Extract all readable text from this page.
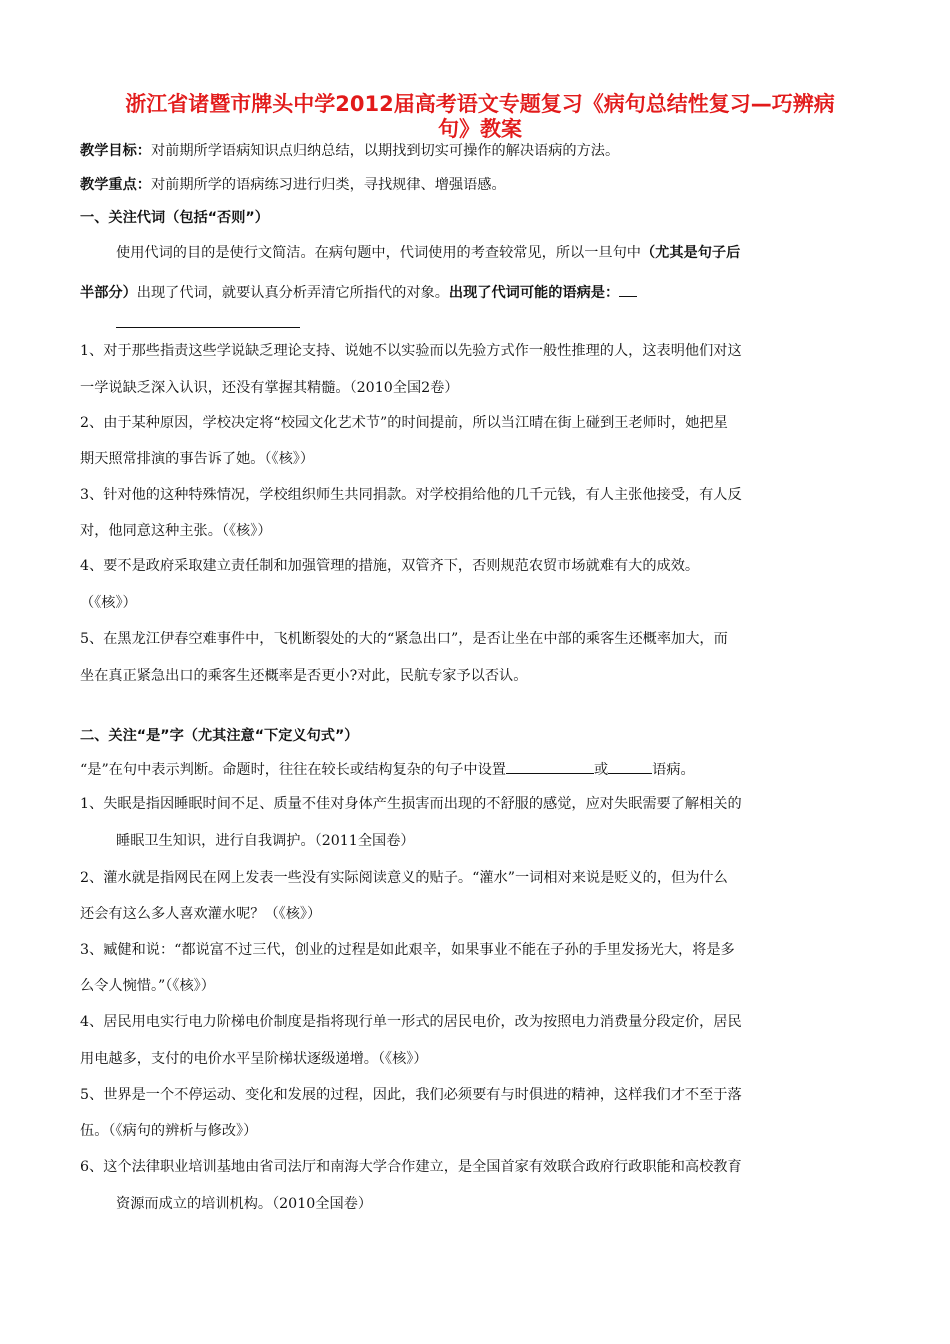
浙江省诸暨市牌头中学2012届高考语文专题复习《病句总结性复习—巧辨病
句》教案
教学目标：对前期所学语病知识点归纳总结，以期找到切实可操作的解决语病的方法。
教学重点：对前期所学的语病练习进行归类，寻找规律、增强语感。
一、关注代词（包括“否则”）
使用代词的目的是使行文简洁。在病句题中，代词使用的考查较常见，所以一旦句中（尤其是句子后
半部分）出现了代词，就要认真分析弄清它所指代的对象。出现了代词可能的语病是：
1、对于那些指责这些学说缺乏理论支持、说她不以实验而以先验方式作一般性推理的人，这表明他们对这
一学说缺乏深入认识，还没有掌握其精髓。（2010全国2卷）
2、由于某种原因，学校决定将“校园文化艺术节”的时间提前，所以当江晴在街上碰到王老师时，她把星
期天照常排演的事告诉了她。（《核》）
3、针对他的这种特殊情况，学校组织师生共同捐款。对学校捐给他的几千元钱，有人主张他接受，有人反
对，他同意这种主张。（《核》）
4、要不是政府采取建立责任制和加强管理的措施，双管齐下，否则规范农贸市场就难有大的成效。
（《核》）
5、在黑龙江伊春空难事件中，飞机断裂处的大的“紧急出口”，是否让坐在中部的乘客生还概率加大，而
坐在真正紧急出口的乘客生还概率是否更小?对此，民航专家予以否认。
二、关注“是”字（尤其注意“下定义句式”）
“是”在句中表示判断。命题时，往往在较长或结构复杂的句子中设置	或	语病。
1、失眠是指因睡眠时间不足、质量不佳对身体产生损害而出现的不舒服的感觉，应对失眠需要了解相关的
睡眠卫生知识，进行自我调护。（2011全国卷）
2、灌水就是指网民在网上发表一些没有实际阅读意义的贴子。“灌水”一词相对来说是贬义的，但为什么
还会有这么多人喜欢灌水呢？（《核》）
3、臧健和说：“都说富不过三代，创业的过程是如此艰辛，如果事业不能在子孙的手里发扬光大，将是多
么令人惋惜。”（《核》）
4、居民用电实行电力阶梯电价制度是指将现行单一形式的居民电价，改为按照电力消费量分段定价，居民
用电越多，支付的电价水平呈阶梯状逐级递增。（《核》）
5、世界是一个不停运动、变化和发展的过程，因此，我们必须要有与时俱进的精神，这样我们才不至于落
伍。（《病句的辨析与修改》）
6、这个法律职业培训基地由省司法厅和南海大学合作建立，是全国首家有效联合政府行政职能和高校教育
资源而成立的培训机构。（2010全国卷）
